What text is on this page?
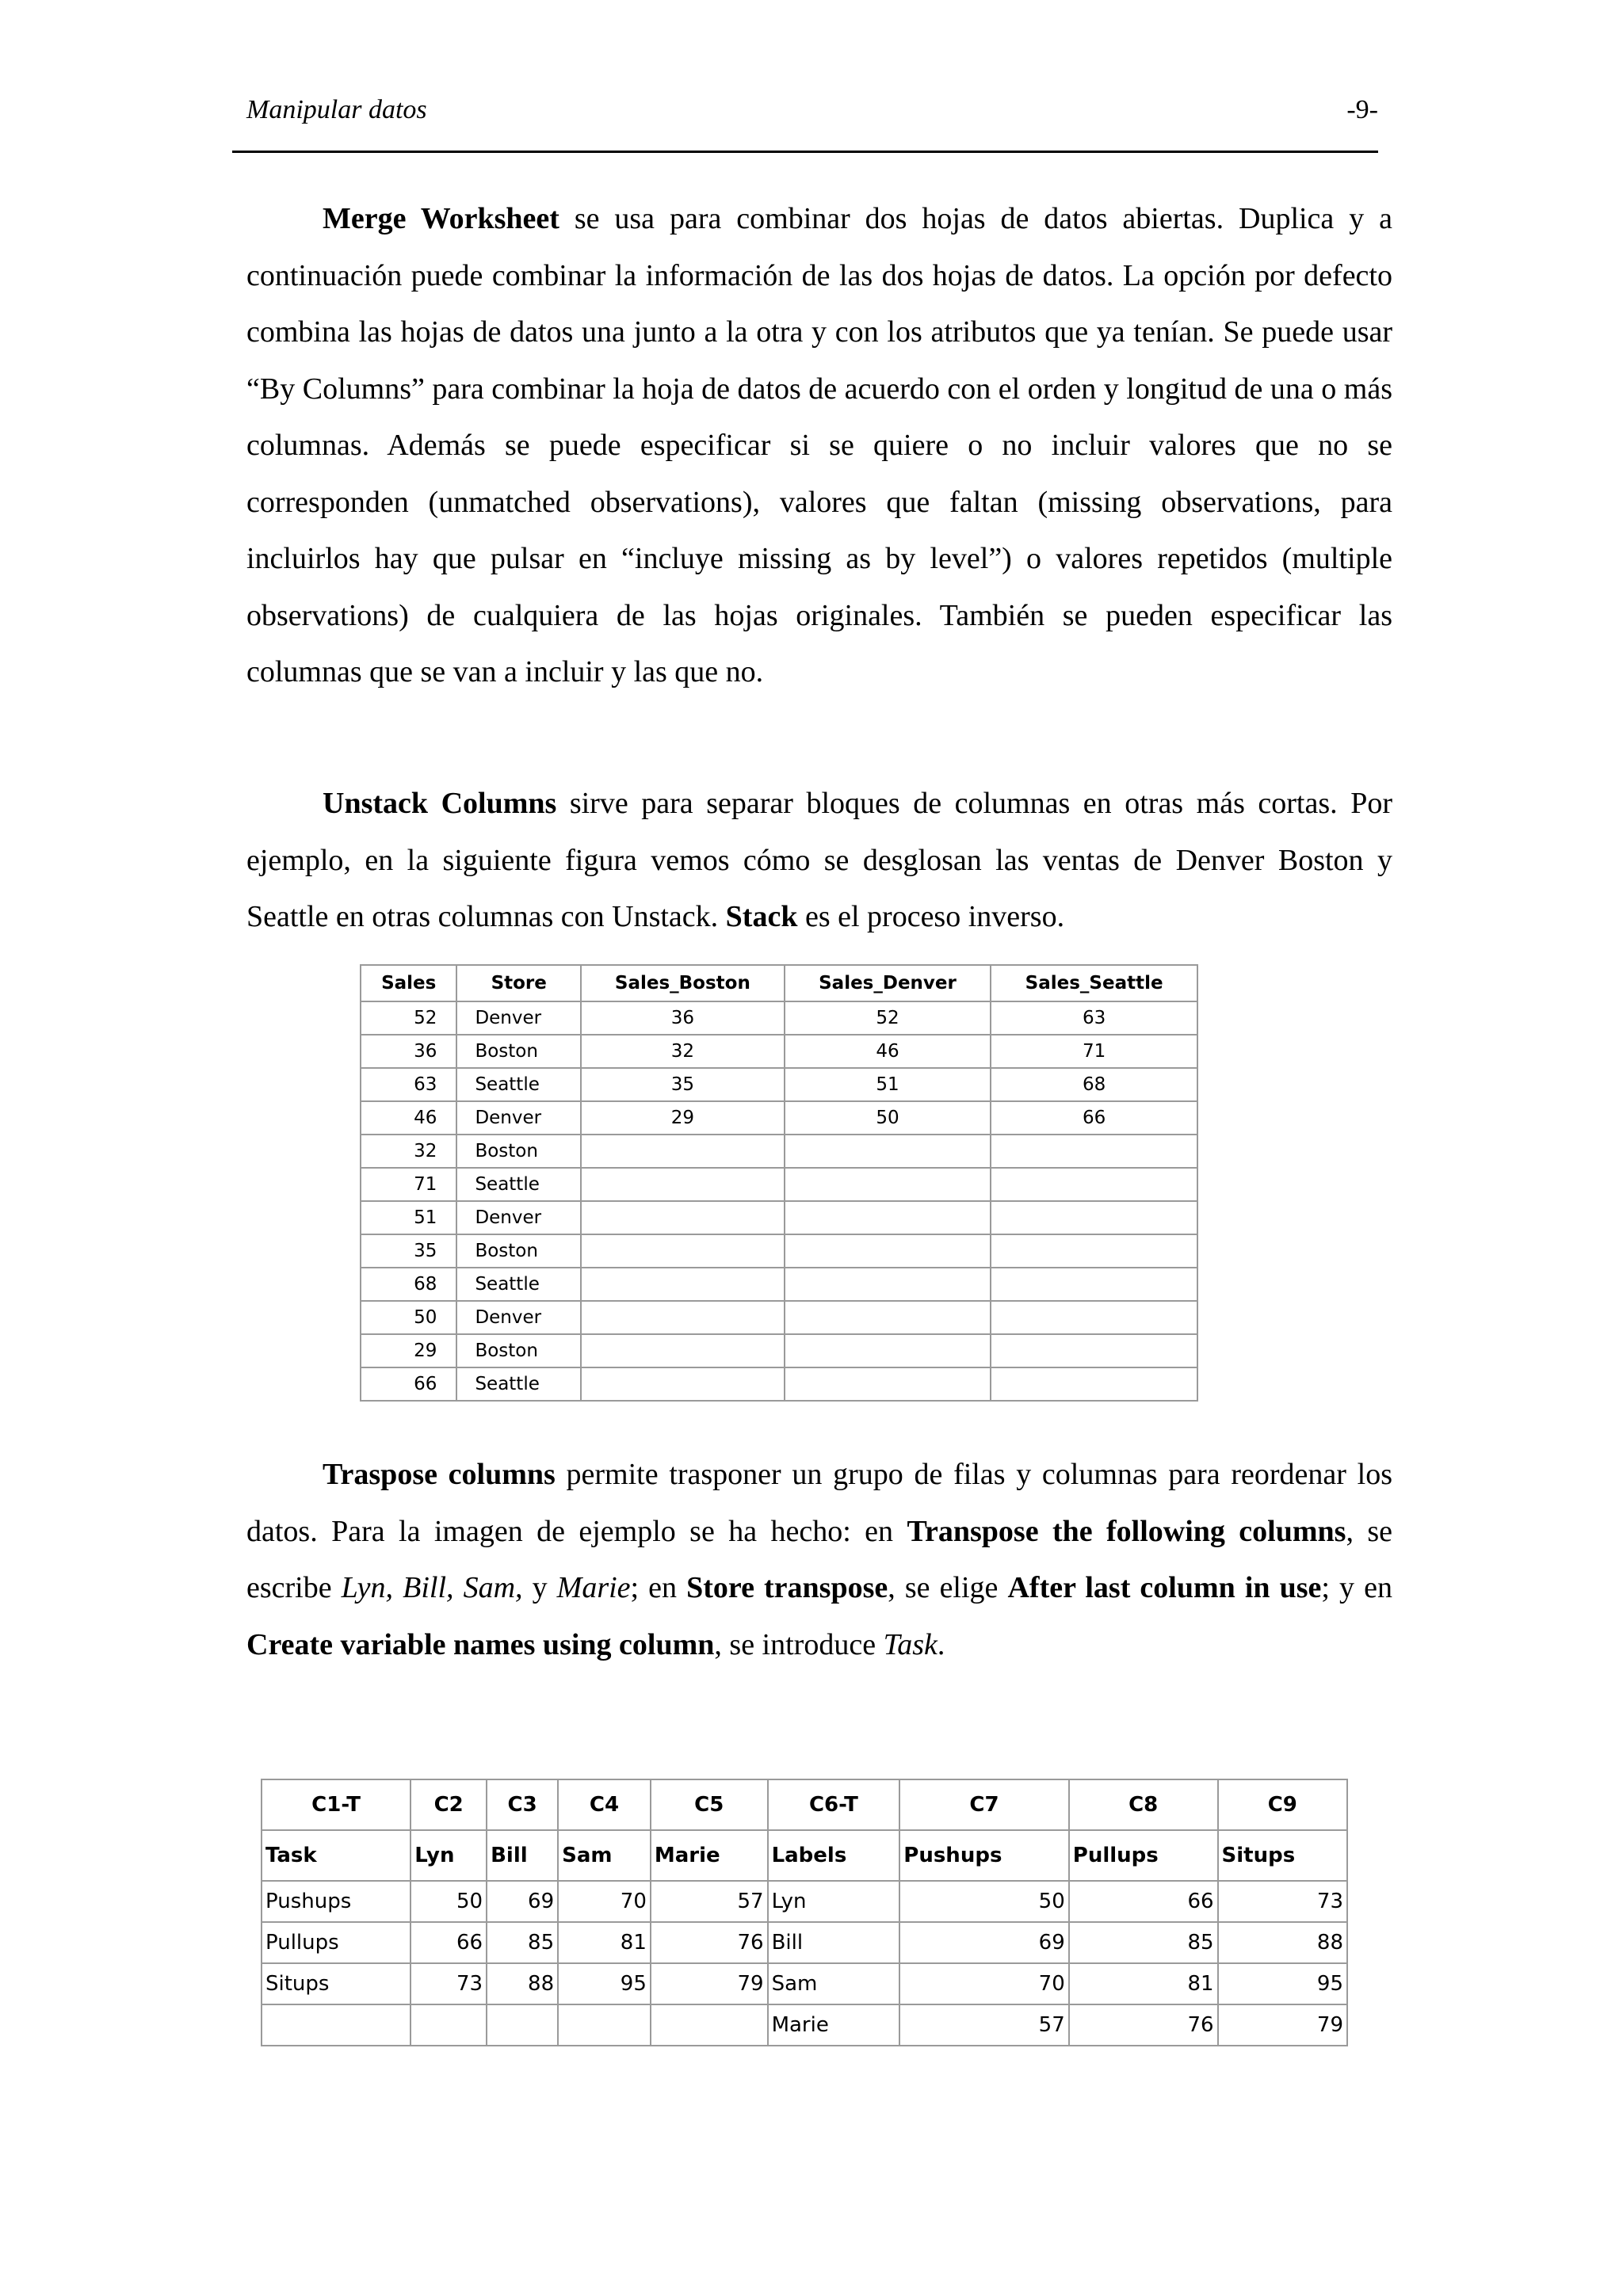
Manipular datos	-9-

Merge Worksheet se usa para combinar dos hojas de datos abiertas. Duplica y a continuación puede combinar la información de las dos hojas de datos. La opción por defecto combina las hojas de datos una junto a la otra y con los atributos que ya tenían. Se puede usar “By Columns” para combinar la hoja de datos de acuerdo con el orden y longitud de una o más columnas. Además se puede especificar si se quiere o no incluir valores que no se corresponden (unmatched observations), valores que faltan (missing observations, para incluirlos hay que pulsar en “incluye missing as by level”) o valores repetidos (multiple observations) de cualquiera de las hojas originales. También se pueden especificar las columnas que se van a incluir y las que no.

Unstack Columns sirve para separar bloques de columnas en otras más cortas. Por ejemplo, en la siguiente figura vemos cómo se desglosan las ventas de Denver Boston y Seattle en otras columnas con Unstack. Stack es el proceso inverso.

Sales	Store	Sales_Boston	Sales_Denver	Sales_Seattle
52	Denver	36	52	63
36	Boston	32	46	71
63	Seattle	35	51	68
46	Denver	29	50	66
32	Boston			
71	Seattle			
51	Denver			
35	Boston			
68	Seattle			
50	Denver			
29	Boston			
66	Seattle			

Traspose columns permite trasponer un grupo de filas y columnas para reordenar los datos. Para la imagen de ejemplo se ha hecho: en Transpose the following columns, se escribe Lyn, Bill, Sam, y Marie; en Store transpose, se elige After last column in use; y en Create variable names using column, se introduce Task.

C1-T	C2	C3	C4	C5	C6-T	C7	C8	C9
Task	Lyn	Bill	Sam	Marie	Labels	Pushups	Pullups	Situps
Pushups	50	69	70	57	Lyn	50	66	73
Pullups	66	85	81	76	Bill	69	85	88
Situps	73	88	95	79	Sam	70	81	95
					Marie	57	76	79
